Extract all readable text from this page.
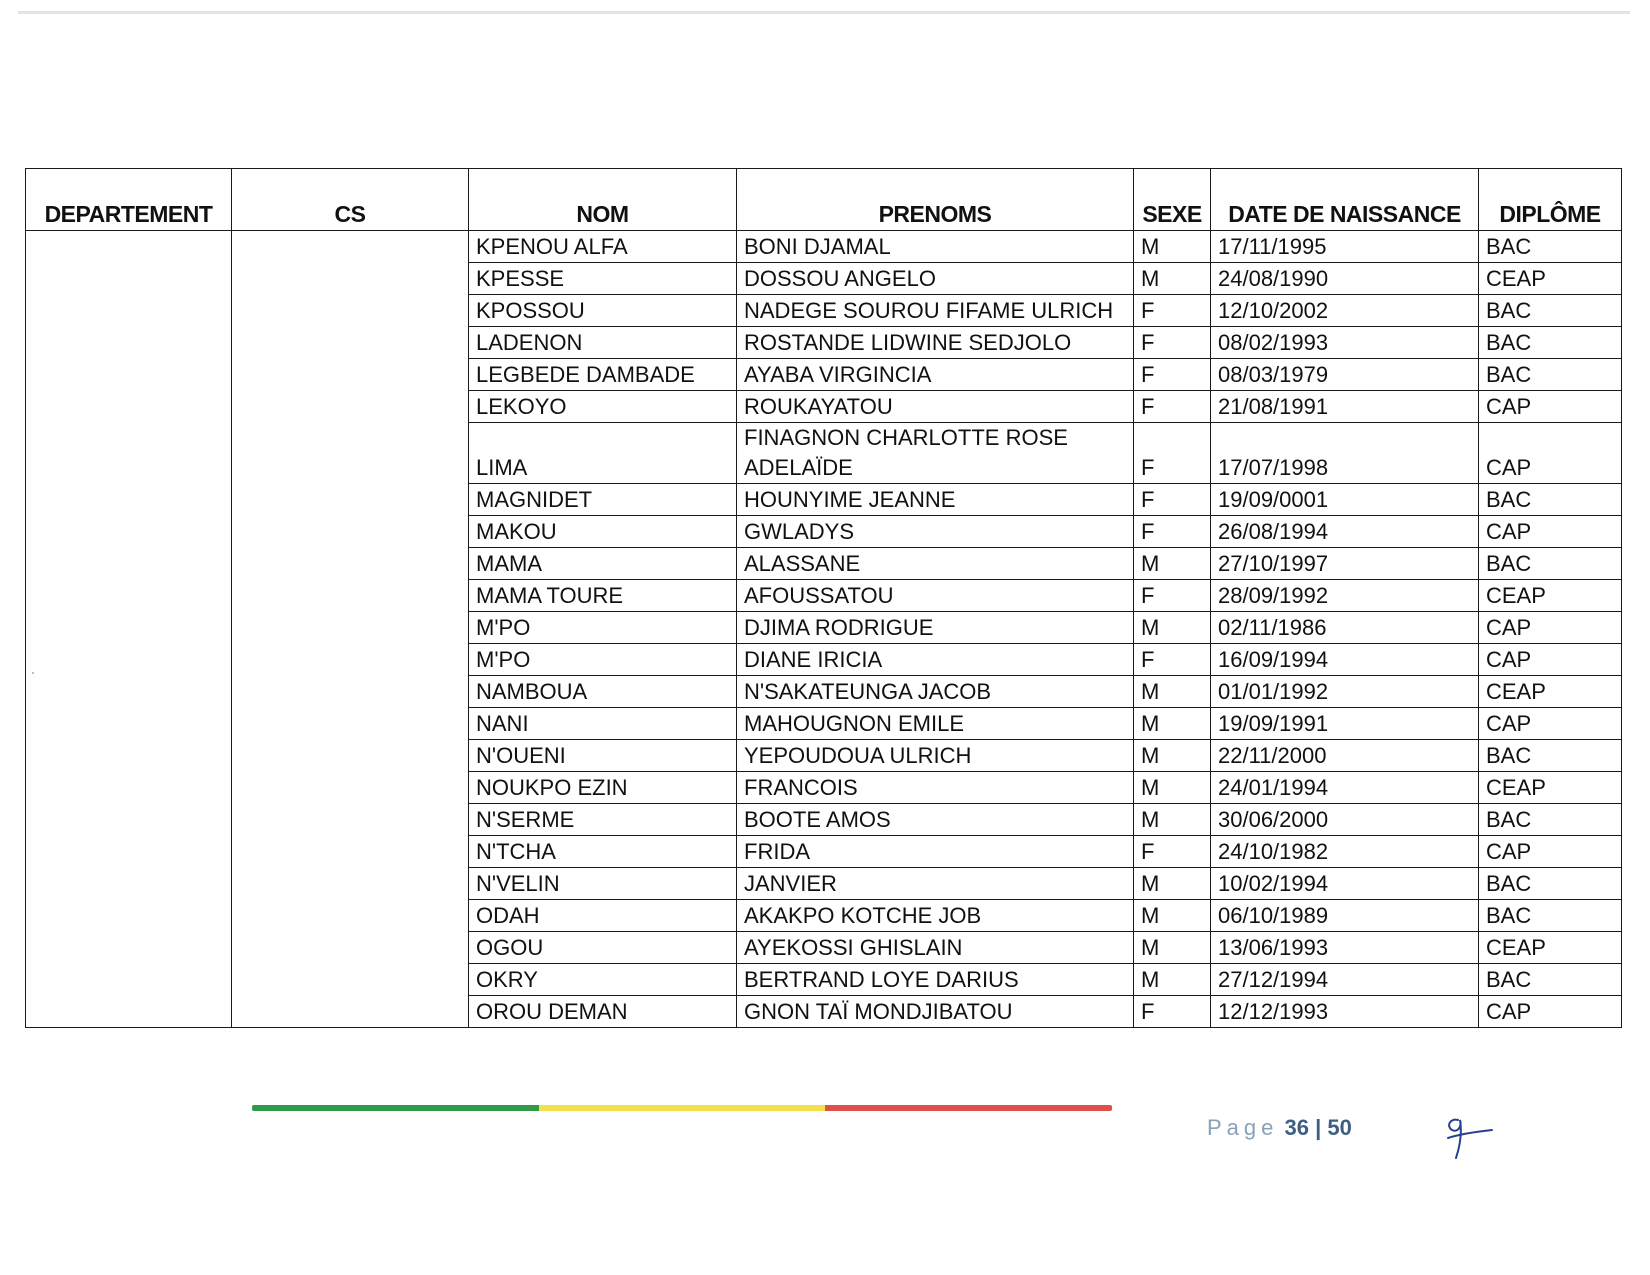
DEPARTEMENT	CS	NOM	PRENOMS	SEXE	DATE DE NAISSANCE	DIPLÔME
		KPENOU ALFA	BONI DJAMAL	M	17/11/1995	BAC
		KPESSE	DOSSOU ANGELO	M	24/08/1990	CEAP
		KPOSSOU	NADEGE SOUROU FIFAME ULRICH	F	12/10/2002	BAC
		LADENON	ROSTANDE LIDWINE SEDJOLO	F	08/02/1993	BAC
		LEGBEDE DAMBADE	AYABA VIRGINCIA	F	08/03/1979	BAC
		LEKOYO	ROUKAYATOU	F	21/08/1991	CAP
		LIMA	FINAGNON CHARLOTTE ROSE ADELAÏDE	F	17/07/1998	CAP
		MAGNIDET	HOUNYIME JEANNE	F	19/09/0001	BAC
		MAKOU	GWLADYS	F	26/08/1994	CAP
		MAMA	ALASSANE	M	27/10/1997	BAC
		MAMA TOURE	AFOUSSATOU	F	28/09/1992	CEAP
		M'PO	DJIMA RODRIGUE	M	02/11/1986	CAP
		M'PO	DIANE IRICIA	F	16/09/1994	CAP
		NAMBOUA	N'SAKATEUNGA JACOB	M	01/01/1992	CEAP
		NANI	MAHOUGNON EMILE	M	19/09/1991	CAP
		N'OUENI	YEPOUDOUA ULRICH	M	22/11/2000	BAC
		NOUKPO EZIN	FRANCOIS	M	24/01/1994	CEAP
		N'SERME	BOOTE AMOS	M	30/06/2000	BAC
		N'TCHA	FRIDA	F	24/10/1982	CAP
		N'VELIN	JANVIER	M	10/02/1994	BAC
		ODAH	AKAKPO KOTCHE JOB	M	06/10/1989	BAC
		OGOU	AYEKOSSI GHISLAIN	M	13/06/1993	CEAP
		OKRY	BERTRAND LOYE DARIUS	M	27/12/1994	BAC
		OROU DEMAN	GNON TAÏ MONDJIBATOU	F	12/12/1993	CAP
Page 36 | 50
